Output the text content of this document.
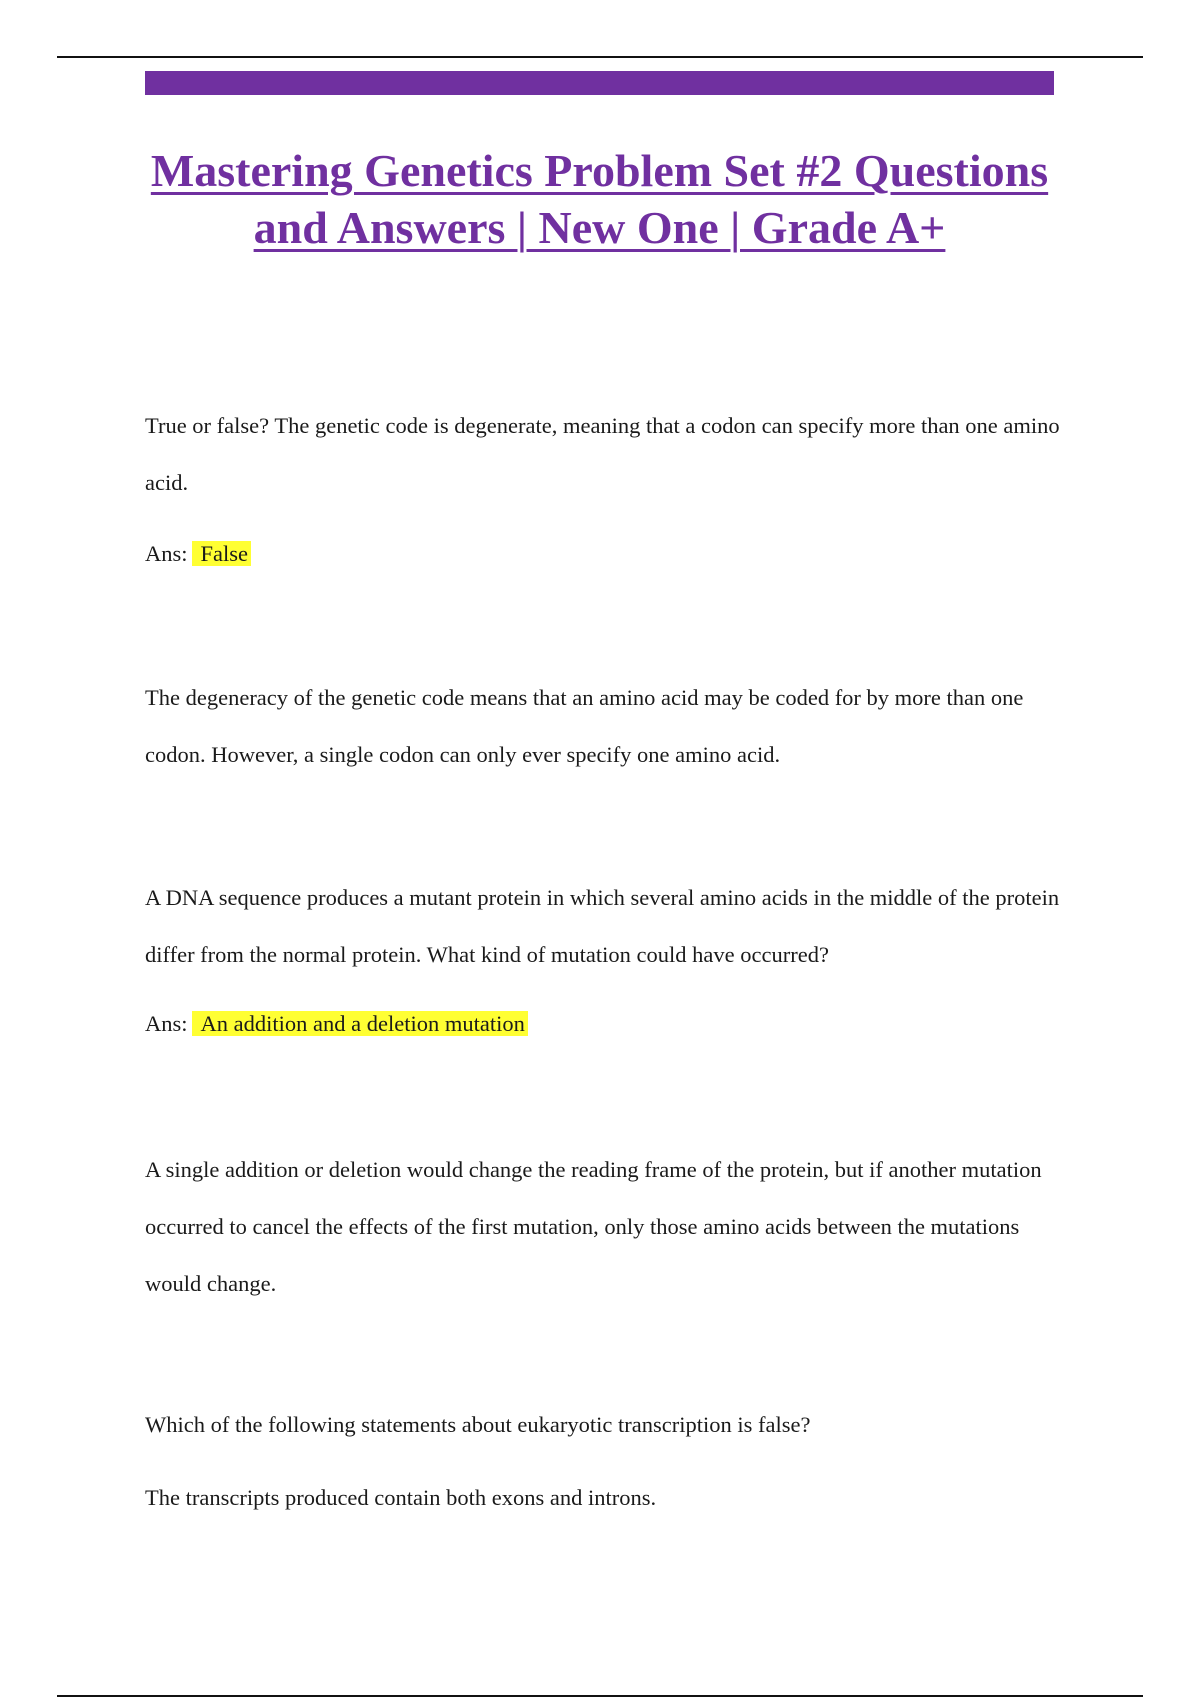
Mastering Genetics Problem Set #2 Questions and Answers | New One | Grade A+

True or false? The genetic code is degenerate, meaning that a codon can specify more than one amino acid.

Ans: False

The degeneracy of the genetic code means that an amino acid may be coded for by more than one codon. However, a single codon can only ever specify one amino acid.

A DNA sequence produces a mutant protein in which several amino acids in the middle of the protein differ from the normal protein. What kind of mutation could have occurred?

Ans: An addition and a deletion mutation

A single addition or deletion would change the reading frame of the protein, but if another mutation occurred to cancel the effects of the first mutation, only those amino acids between the mutations would change.

Which of the following statements about eukaryotic transcription is false?

The transcripts produced contain both exons and introns.
